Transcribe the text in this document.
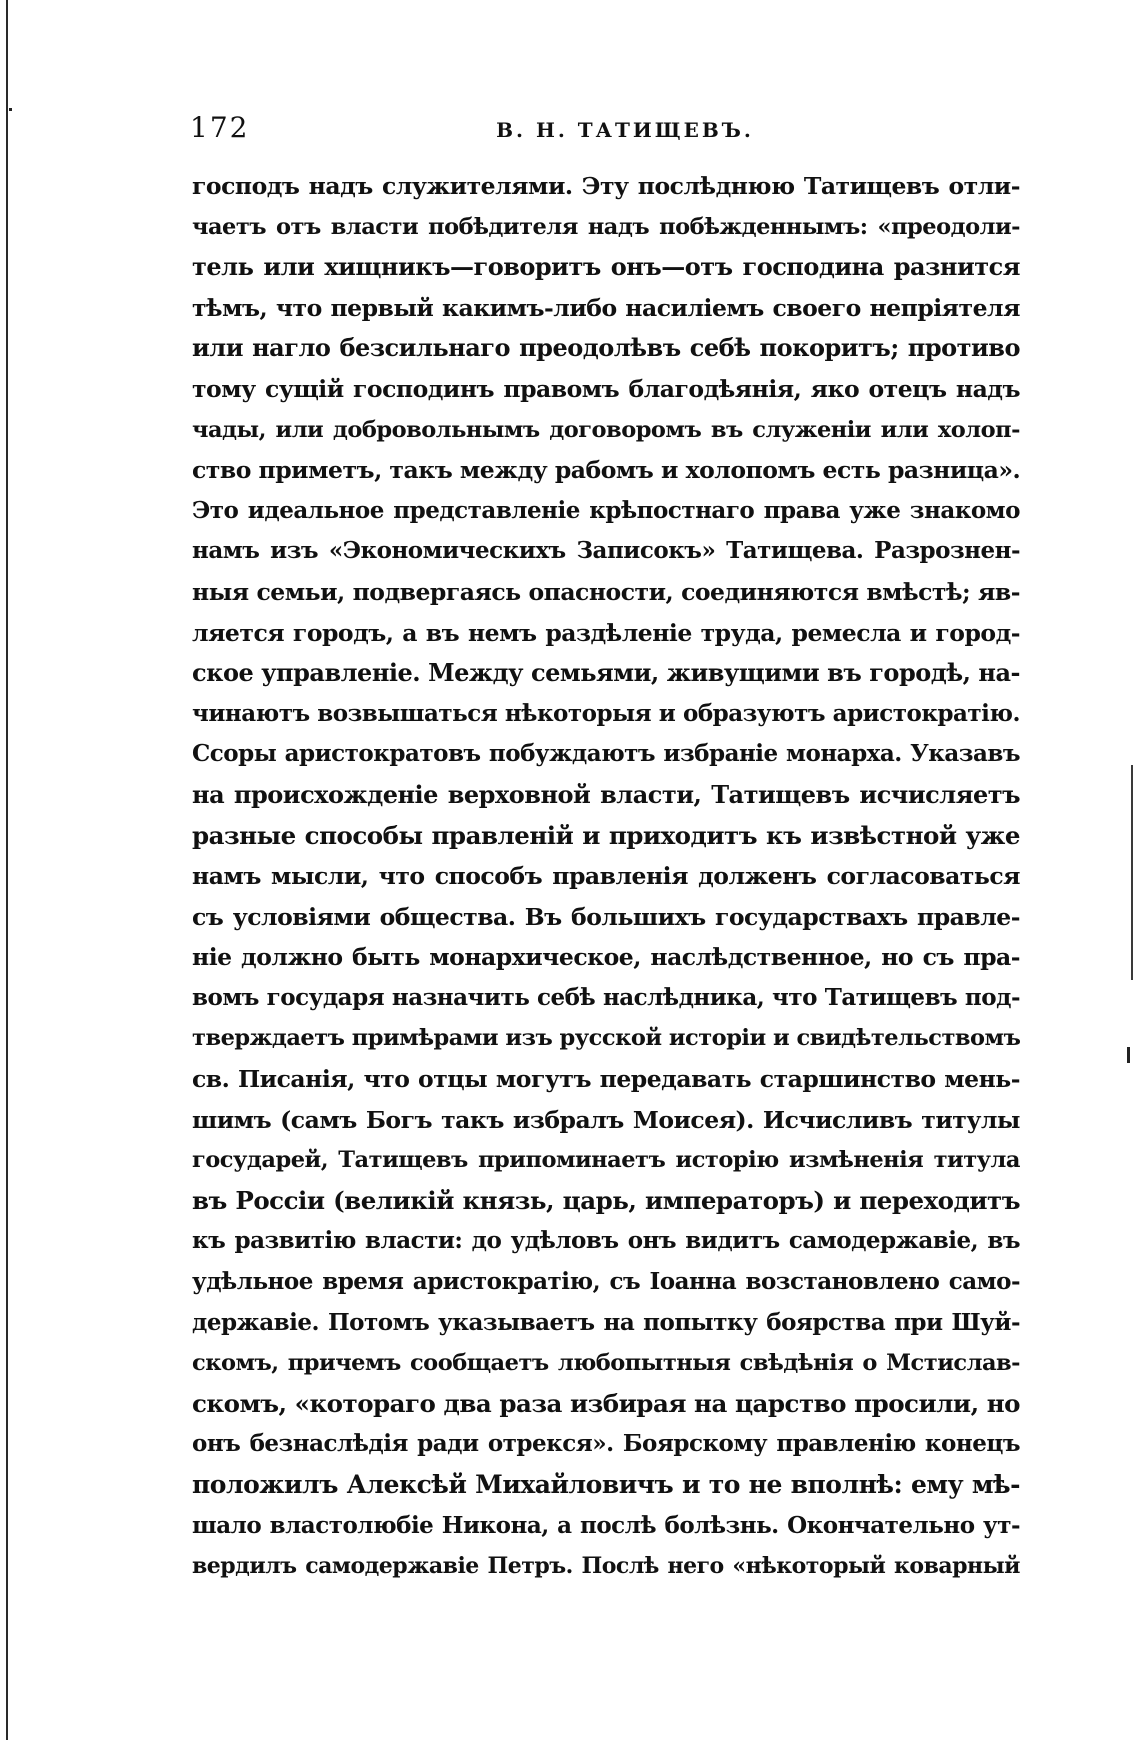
172	В. Н. ТАТИЩЕВЪ.
господъ надъ служителями. Эту послѣднюю Татищевъ отли-
чаетъ отъ власти побѣдителя надъ побѣжденнымъ: «преодоли-
тель или хищникъ—говоритъ онъ—отъ господина разнится
тѣмъ, что первый какимъ-либо насиліемъ своего непріятеля
или нагло безсильнаго преодолѣвъ себѣ покоритъ; противо
тому сущій господинъ правомъ благодѣянія, яко отецъ надъ
чады, или добровольнымъ договоромъ въ служеніи или холоп-
ство приметъ, такъ между рабомъ и холопомъ есть разница».
Это идеальное представленіе крѣпостнаго права уже знакомо
намъ изъ «Экономическихъ Записокъ» Татищева. Разрознен-
ныя семьи, подвергаясь опасности, соединяются вмѣстѣ; яв-
ляется городъ, а въ немъ раздѣленіе труда, ремесла и город-
ское управленіе. Между семьями, живущими въ городѣ, на-
чинаютъ возвышаться нѣкоторыя и образуютъ аристократію.
Ссоры аристократовъ побуждаютъ избраніе монарха. Указавъ
на происхожденіе верховной власти, Татищевъ исчисляетъ
разные способы правленій и приходитъ къ извѣстной уже
намъ мысли, что способъ правленія долженъ согласоваться
съ условіями общества. Въ большихъ государствахъ правле-
ніе должно быть монархическое, наслѣдственное, но съ пра-
вомъ государя назначить себѣ наслѣдника, что Татищевъ под-
тверждаетъ примѣрами изъ русской исторіи и свидѣтельствомъ
св. Писанія, что отцы могутъ передавать старшинство мень-
шимъ (самъ Богъ такъ избралъ Моисея). Исчисливъ титулы
государей, Татищевъ припоминаетъ исторію измѣненія титула
въ Россіи (великій князь, царь, императоръ) и переходитъ
къ развитію власти: до удѣловъ онъ видитъ самодержавіе, въ
удѣльное время аристократію, съ Іоанна возстановлено само-
державіе. Потомъ указываетъ на попытку боярства при Шуй-
скомъ, причемъ сообщаетъ любопытныя свѣдѣнія о Мстислав-
скомъ, «котораго два раза избирая на царство просили, но
онъ безнаслѣдія ради отрекся». Боярскому правленію конецъ
положилъ Алексѣй Михайловичъ и то не вполнѣ: ему мѣ-
шало властолюбіе Никона, а послѣ болѣзнь. Окончательно ут-
вердилъ самодержавіе Петръ. Послѣ него «нѣкоторый коварный
